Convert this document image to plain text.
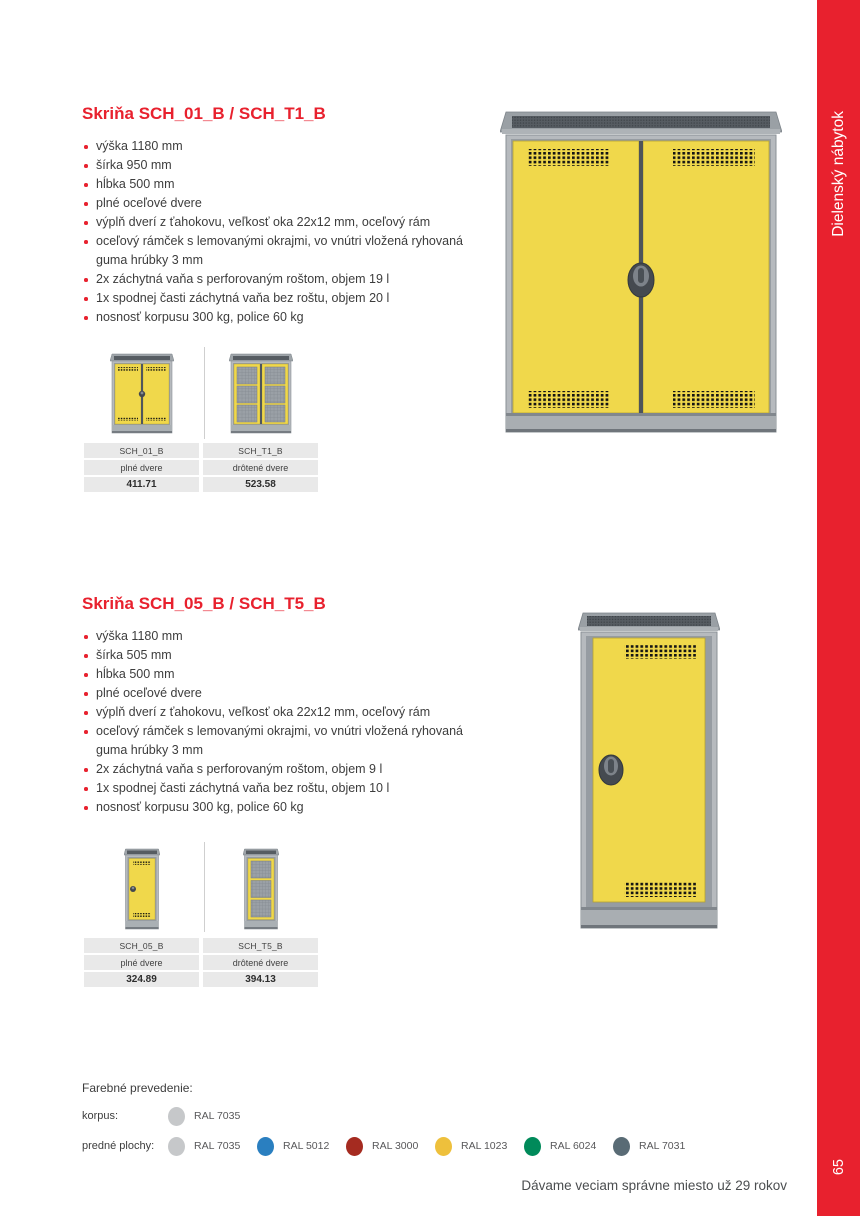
Dielenský nábytok
65
Skriňa SCH_01_B / SCH_T1_B
výška 1180 mm
šírka 950 mm
hĺbka 500 mm
plné oceľové dvere
výplň dverí z ťahokovu, veľkosť oka 22x12 mm, oceľový rám
oceľový rámček s lemovanými okrajmi, vo vnútri vložená ryhovaná guma hrúbky 3 mm
2x záchytná vaňa s perforovaným roštom, objem 19 l
1x spodnej časti záchytná vaňa bez roštu, objem 20 l
nosnosť korpusu 300 kg, police 60 kg
SCH_01_B	SCH_T1_B
plné dvere	drôtené dvere
411.71	523.58
Skriňa SCH_05_B / SCH_T5_B
výška 1180 mm
šírka 505 mm
hĺbka 500 mm
plné oceľové dvere
výplň dverí z ťahokovu, veľkosť oka 22x12 mm, oceľový rám
oceľový rámček s lemovanými okrajmi, vo vnútri vložená ryhovaná guma hrúbky 3 mm
2x záchytná vaňa s perforovaným roštom, objem 9 l
1x spodnej časti záchytná vaňa bez roštu, objem 10 l
nosnosť korpusu 300 kg, police 60 kg
SCH_05_B	SCH_T5_B
plné dvere	drôtené dvere
324.89	394.13
Farebné prevedenie:
korpus:	RAL 7035
predné plochy:	RAL 7035	RAL 5012	RAL 3000	RAL 1023	RAL 6024	RAL 7031
Dávame veciam správne miesto už 29 rokov
